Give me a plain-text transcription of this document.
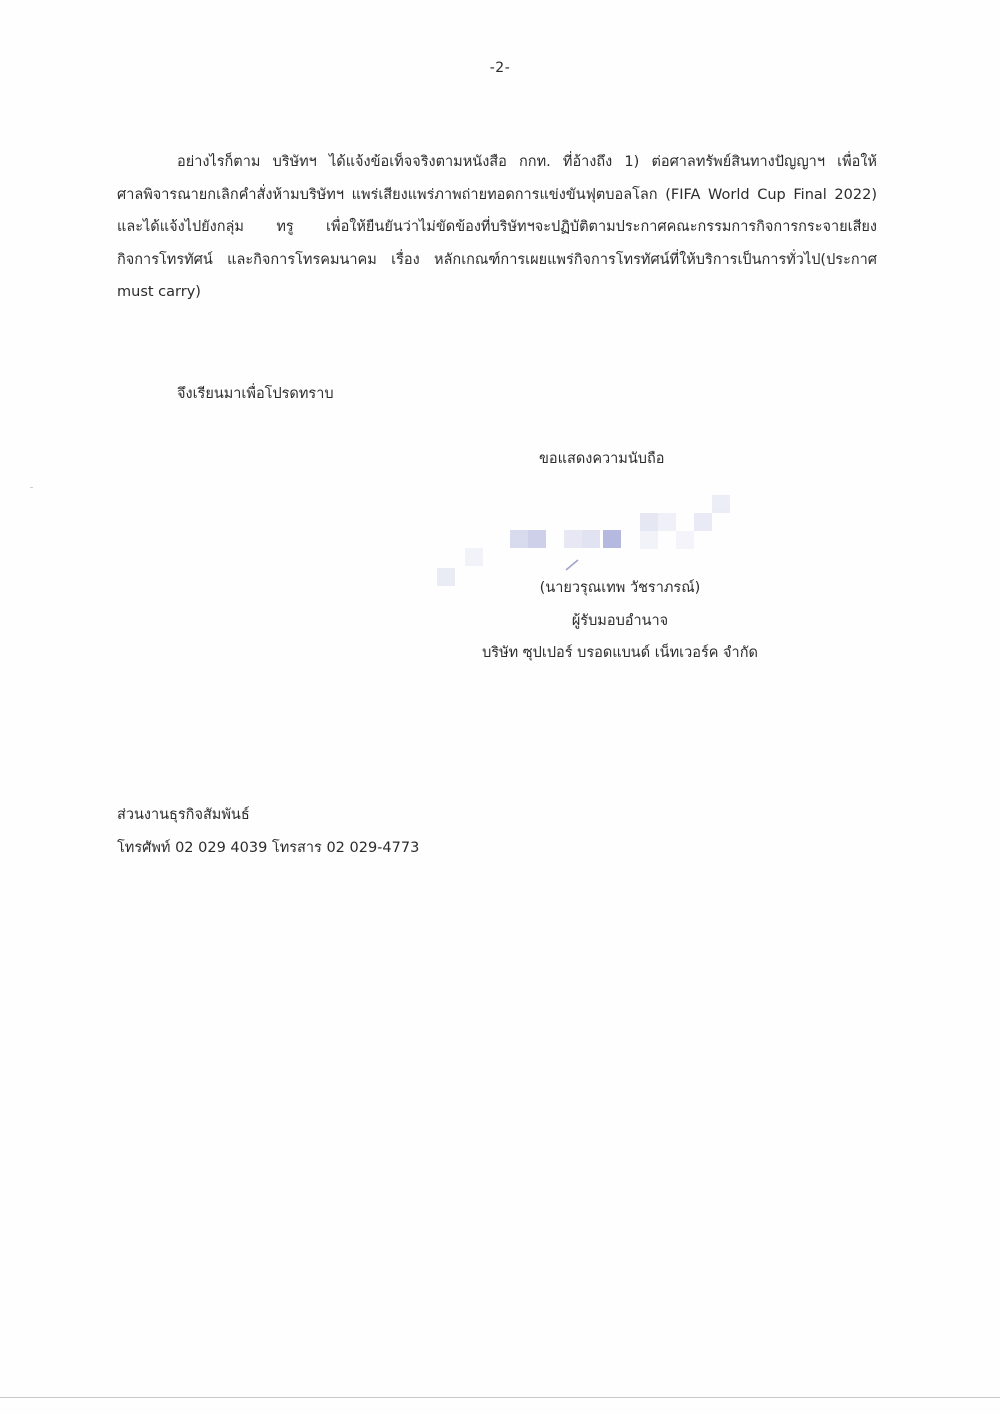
-2-
อย่างไรก็ตาม บริษัทฯ ได้แจ้งข้อเท็จจริงตามหนังสือ กกท. ที่อ้างถึง 1) ต่อศาลทรัพย์สินทางปัญญาฯ เพื่อให้
ศาลพิจารณายกเลิกคำสั่งห้ามบริษัทฯ แพร่เสียงแพร่ภาพถ่ายทอดการแข่งขันฟุตบอลโลก (FIFA World Cup Final 2022)
และได้แจ้งไปยังกลุ่ม ทรู เพื่อให้ยืนยันว่าไม่ขัดข้องที่บริษัทฯจะปฏิบัติตามประกาศคณะกรรมการกิจการกระจายเสียง
กิจการโทรทัศน์ และกิจการโทรคมนาคม เรื่อง หลักเกณฑ์การเผยแพร่กิจการโทรทัศน์ที่ให้บริการเป็นการทั่วไป(ประกาศ
must carry)
จึงเรียนมาเพื่อโปรดทราบ
ขอแสดงความนับถือ
(นายวรุณเทพ วัชราภรณ์)
ผู้รับมอบอำนาจ
บริษัท ซุปเปอร์ บรอดแบนด์ เน็ทเวอร์ค จำกัด
ส่วนงานธุรกิจสัมพันธ์
โทรศัพท์ 02 029 4039 โทรสาร 02 029-4773
